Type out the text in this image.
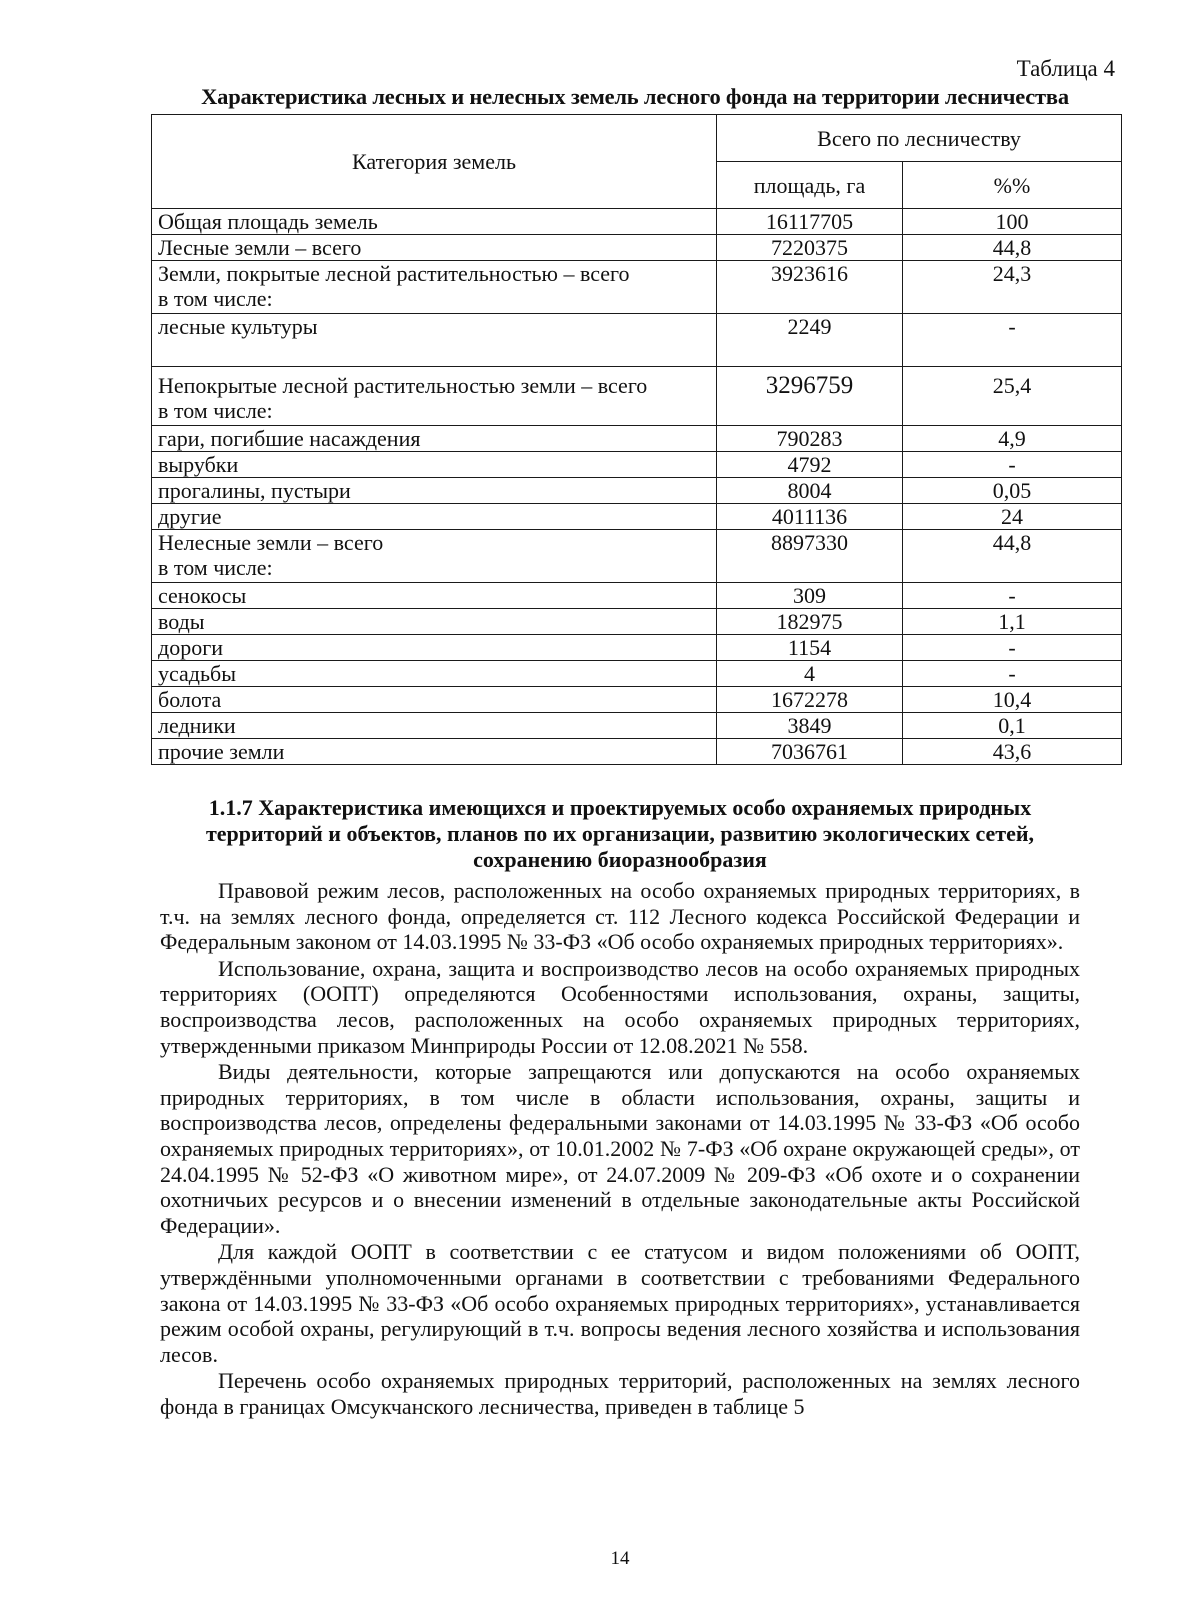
Таблица 4
Характеристика лесных и нелесных земель лесного фонда на территории лесничества
Категория земель	Всего по лесничеству	
	площадь, га	%%
Общая площадь земель	16117705	100
Лесные земли – всего	7220375	44,8

Земли, покрытые лесной растительностью – всего
в том числе:	3923616	24,3
лесные культуры	2249	-

Непокрытые лесной растительностью земли – всего
в том числе:	3296759	25,4
гари, погибшие насаждения	790283	4,9
вырубки	4792	-
прогалины, пустыри	8004	0,05
другие	4011136	24

Нелесные земли – всего
в том числе:	8897330	44,8
сенокосы	309	-
воды	182975	1,1
дороги	1154	-
усадьбы	4	-
болота	1672278	10,4
ледники	3849	0,1
прочие земли	7036761	43,6
1.1.7 Характеристика имеющихся и проектируемых особо охраняемых природных территорий и объектов, планов по их организации, развитию экологических сетей, сохранению биоразнообразия

Правовой режим лесов, расположенных на особо охраняемых природных территориях, в т.ч. на землях лесного фонда, определяется ст. 112 Лесного кодекса Российской Федерации и Федеральным законом от 14.03.1995 № 33-ФЗ «Об особо охраняемых природных территориях».

Использование, охрана, защита и воспроизводство лесов на особо охраняемых природных территориях (ООПТ) определяются Особенностями использования, охраны, защиты, воспроизводства лесов, расположенных на особо охраняемых природных территориях, утвержденными приказом Минприроды России от 12.08.2021 № 558.

Виды деятельности, которые запрещаются или допускаются на особо охраняемых природных территориях, в том числе в области использования, охраны, защиты и воспроизводства лесов, определены федеральными законами от 14.03.1995 № 33-ФЗ «Об особо охраняемых природных территориях», от 10.01.2002 № 7-ФЗ «Об охране окружающей среды», от 24.04.1995 № 52-ФЗ «О животном мире», от 24.07.2009 № 209-ФЗ «Об охоте и о сохранении охотничьих ресурсов и о внесении изменений в отдельные законодательные акты Российской Федерации».

Для каждой ООПТ в соответствии с ее статусом и видом положениями об ООПТ, утверждёнными уполномоченными органами в соответствии с требованиями Федерального закона от 14.03.1995 № 33-ФЗ «Об особо охраняемых природных территориях», устанавливается режим особой охраны, регулирующий в т.ч. вопросы ведения лесного хозяйства и использования лесов.

Перечень особо охраняемых природных территорий, расположенных на землях лесного фонда в границах Омсукчанского лесничества, приведен в таблице 5

14
